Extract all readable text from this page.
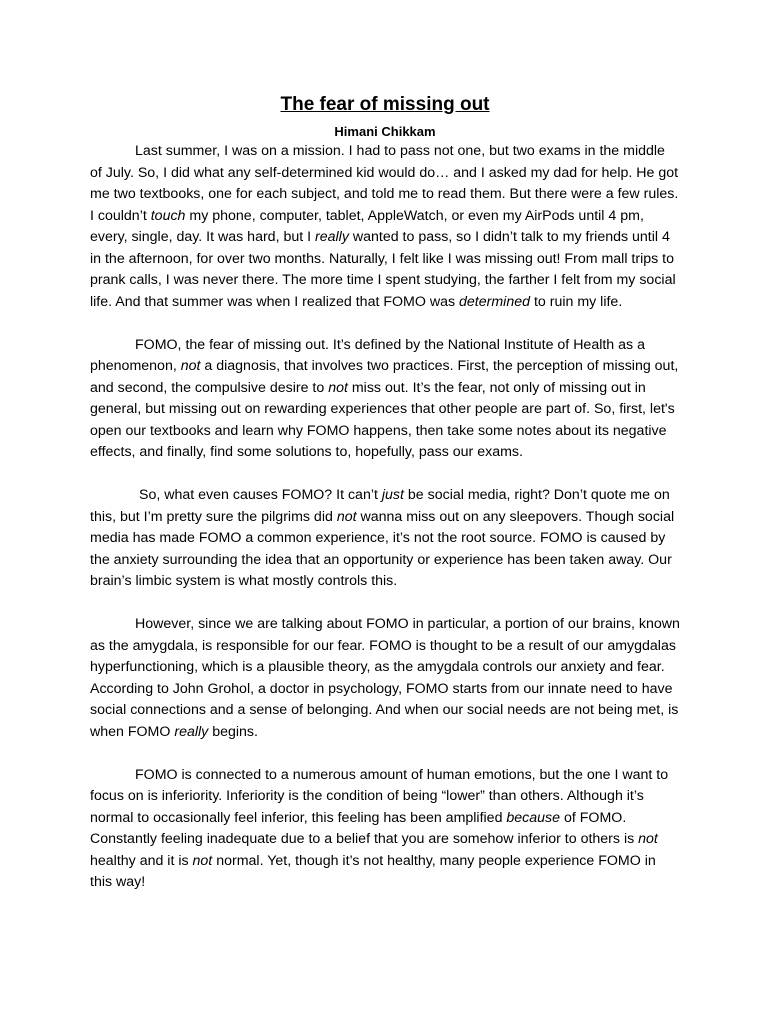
The fear of missing out
Himani Chikkam

Last summer, I was on a mission. I had to pass not one, but two exams in the middle of July. So, I did what any self-determined kid would do… and I asked my dad for help. He got me two textbooks, one for each subject, and told me to read them. But there were a few rules. I couldn’t touch my phone, computer, tablet, AppleWatch, or even my AirPods until 4 pm, every, single, day. It was hard, but I really wanted to pass, so I didn’t talk to my friends until 4 in the afternoon, for over two months. Naturally, I felt like I was missing out! From mall trips to prank calls, I was never there. The more time I spent studying, the farther I felt from my social life. And that summer was when I realized that FOMO was determined to ruin my life.

FOMO, the fear of missing out. It’s defined by the National Institute of Health as a phenomenon, not a diagnosis, that involves two practices. First, the perception of missing out, and second, the compulsive desire to not miss out. It’s the fear, not only of missing out in general, but missing out on rewarding experiences that other people are part of. So, first, let's open our textbooks and learn why FOMO happens, then take some notes about its negative effects, and finally, find some solutions to, hopefully, pass our exams.

So, what even causes FOMO? It can’t just be social media, right? Don’t quote me on this, but I’m pretty sure the pilgrims did not wanna miss out on any sleepovers. Though social media has made FOMO a common experience, it’s not the root source. FOMO is caused by the anxiety surrounding the idea that an opportunity or experience has been taken away. Our brain’s limbic system is what mostly controls this.

However, since we are talking about FOMO in particular, a portion of our brains, known as the amygdala, is responsible for our fear. FOMO is thought to be a result of our amygdalas hyperfunctioning, which is a plausible theory, as the amygdala controls our anxiety and fear. According to John Grohol, a doctor in psychology, FOMO starts from our innate need to have social connections and a sense of belonging. And when our social needs are not being met, is when FOMO really begins.

FOMO is connected to a numerous amount of human emotions, but the one I want to focus on is inferiority. Inferiority is the condition of being “lower” than others. Although it’s normal to occasionally feel inferior, this feeling has been amplified because of FOMO. Constantly feeling inadequate due to a belief that you are somehow inferior to others is not healthy and it is not normal. Yet, though it’s not healthy, many people experience FOMO in this way!
